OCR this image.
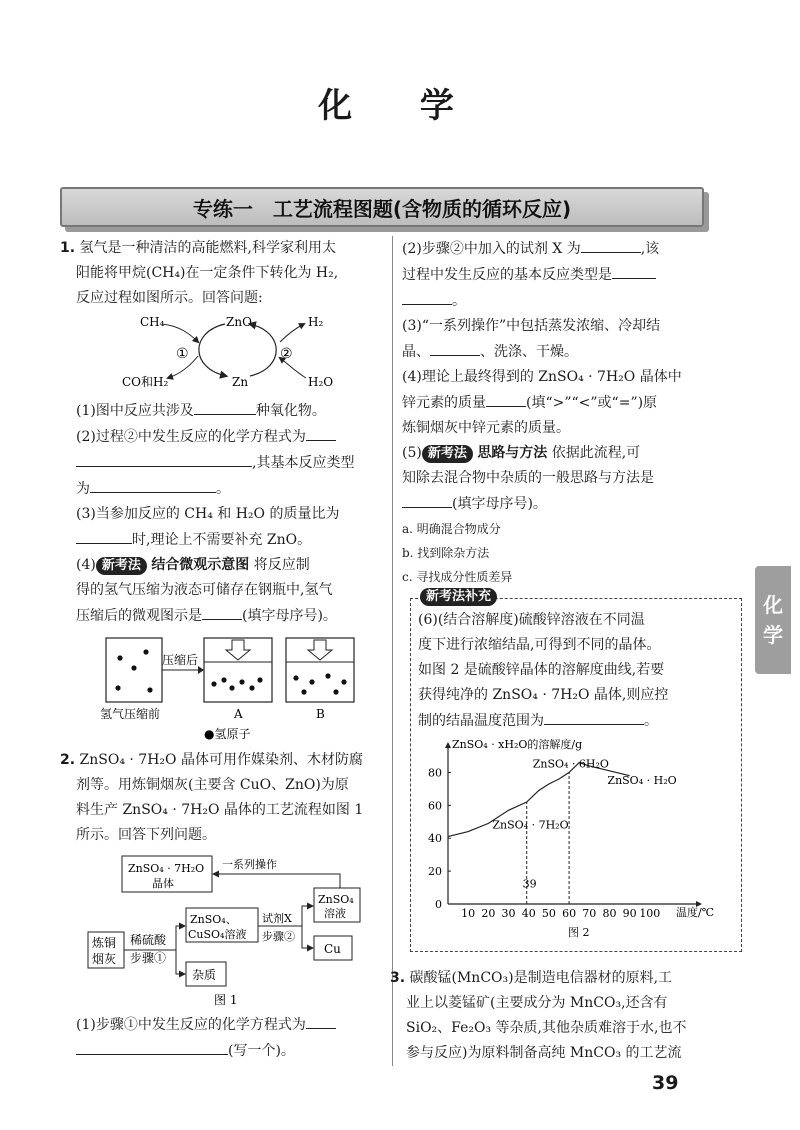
化 学
专练一　工艺流程图题(含物质的循环反应)
1. 氢气是一种清洁的高能燃料,科学家利用太
阳能将甲烷(CH₄)在一定条件下转化为 H₂,
反应过程如图所示。回答问题:
CH₄	ZnO	H₂
CO和H₂	Zn	H₂O
①	②
(1)图中反应共涉及	种氧化物。
(2)过程②中发生反应的化学方程式为
,其基本反应类型
为	。
(3)当参加反应的 CH₄ 和 H₂O 的质量比为
时,理论上不需要补充 ZnO。
(4) 新考法 结合微观示意图 将反应制
得的氢气压缩为液态可储存在钢瓶中,氢气
压缩后的微观图示是	(填字母序号)。
压缩后
氢气压缩前	A	B
●氢原子
2. ZnSO₄ · 7H₂O 晶体可用作媒染剂、木材防腐
剂等。用炼铜烟灰(主要含 CuO、ZnO)为原
料生产 ZnSO₄ · 7H₂O 晶体的工艺流程如图 1
所示。回答下列问题。
ZnSO₄ · 7H₂O
晶体
一系列操作
ZnSO₄
溶液
ZnSO₄、
CuSO₄溶液
试剂X
步骤②
Cu
炼铜
烟灰
稀硫酸
步骤①
杂质
图 1
(1)步骤①中发生反应的化学方程式为
(写一个)。
(2)步骤②中加入的试剂 X 为	,该
过程中发生反应的基本反应类型是
。
(3)“一系列操作”中包括蒸发浓缩、冷却结
晶、	、洗涤、干燥。
(4)理论上最终得到的 ZnSO₄ · 7H₂O 晶体中
锌元素的质量	(填“>”“<”或“=”)原
炼铜烟灰中锌元素的质量。
(5) 新考法 思路与方法 依据此流程,可
知除去混合物中杂质的一般思路与方法是
(填字母序号)。
a. 明确混合物成分
b. 找到除杂方法
c. 寻找成分性质差异
新考法补充
(6)(结合溶解度)硫酸锌溶液在不同温
度下进行浓缩结晶,可得到不同的晶体。
如图 2 是硫酸锌晶体的溶解度曲线,若要
获得纯净的 ZnSO₄ · 7H₂O 晶体,则应控
制的结晶温度范围为	。
ZnSO₄ · xH₂O的溶解度/g
温度/℃
图 2
0
20
40
60
80
10 20 30 40 50 60 70 80 90 100
ZnSO₄ · 6H₂O
ZnSO₄ · H₂O
ZnSO₄ · 7H₂O
39
3. 碳酸锰(MnCO₃)是制造电信器材的原料,工
业上以菱锰矿(主要成分为 MnCO₃,还含有
SiO₂、Fe₂O₃ 等杂质,其他杂质难溶于水,也不
参与反应)为原料制备高纯 MnCO₃ 的工艺流
化
学
39
